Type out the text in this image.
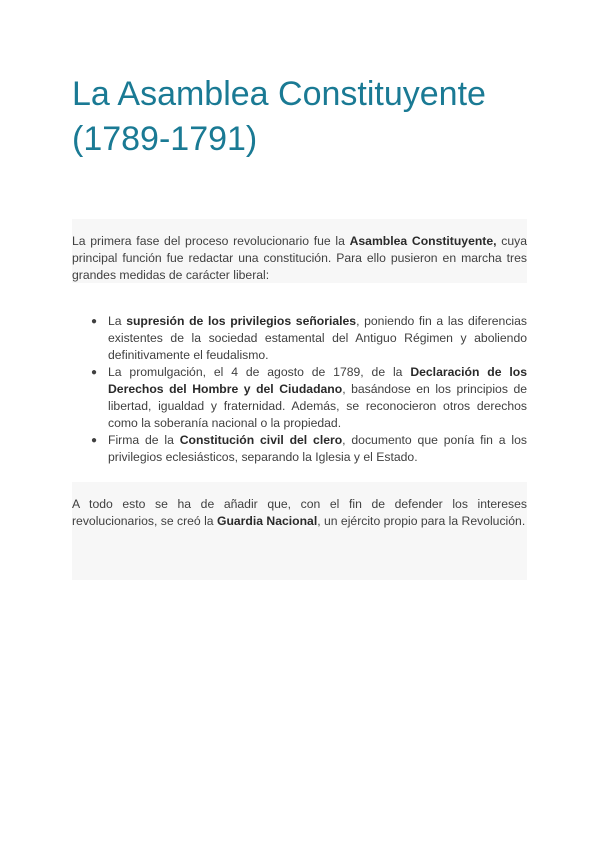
La Asamblea Constituyente
(1789-1791)

La primera fase del proceso revolucionario fue la Asamblea Constituyente, cuya principal función fue redactar una constitución. Para ello pusieron en marcha tres grandes medidas de carácter liberal:

● La supresión de los privilegios señoriales, poniendo fin a las diferencias existentes de la sociedad estamental del Antiguo Régimen y aboliendo definitivamente el feudalismo.
● La promulgación, el 4 de agosto de 1789, de la Declaración de los Derechos del Hombre y del Ciudadano, basándose en los principios de libertad, igualdad y fraternidad. Además, se reconocieron otros derechos como la soberanía nacional o la propiedad.
● Firma de la Constitución civil del clero, documento que ponía fin a los privilegios eclesiásticos, separando la Iglesia y el Estado.

A todo esto se ha de añadir que, con el fin de defender los intereses revolucionarios, se creó la Guardia Nacional, un ejército propio para la Revolución.
